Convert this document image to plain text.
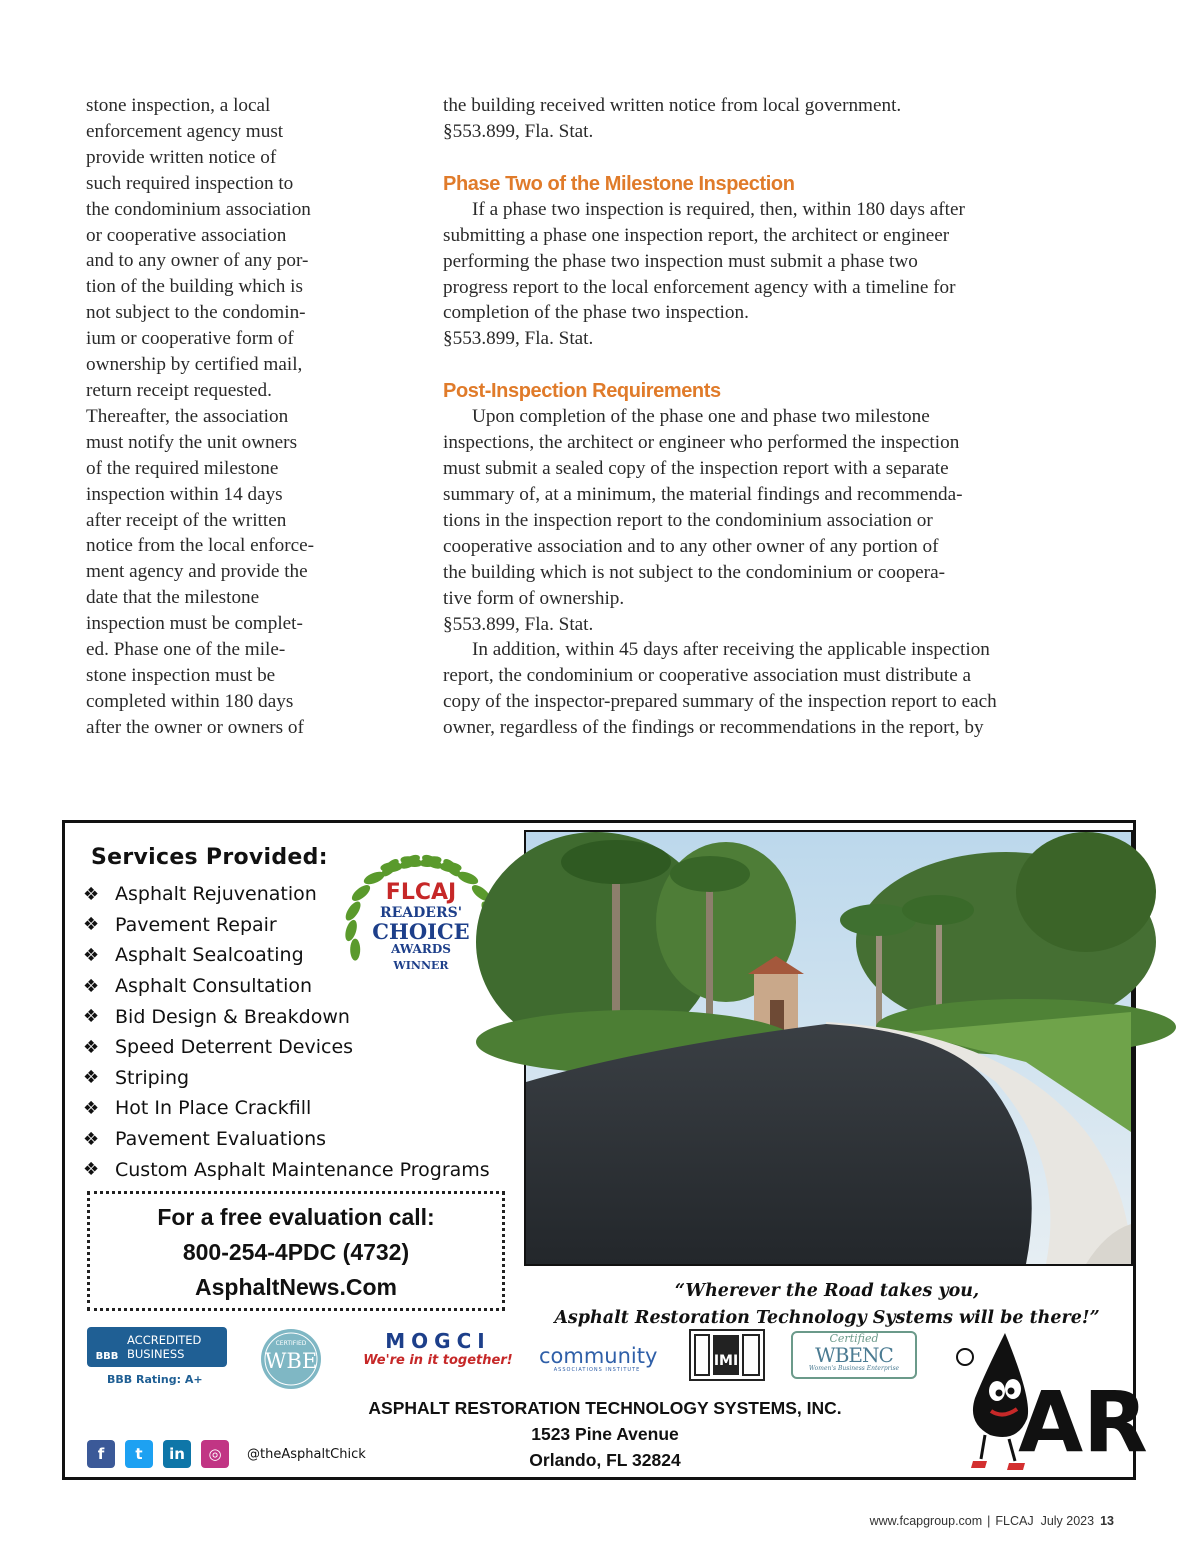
stone inspection, a local

enforcement agency must

provide written notice of

such required inspection to

the condominium association

or cooperative association

and to any owner of any por-

tion of the building which is

not subject to the condomin-

ium or cooperative form of

ownership by certified mail,

return receipt requested.

Thereafter, the association

must notify the unit owners

of the required milestone

inspection within 14 days

after receipt of the written

notice from the local enforce-

ment agency and provide the

date that the milestone

inspection must be complet-

ed. Phase one of the mile-

stone inspection must be

completed within 180 days

after the owner or owners of

the building received written notice from local government.

§553.899, Fla. Stat.

Phase Two of the Milestone Inspection

If a phase two inspection is required, then, within 180 days after

submitting a phase one inspection report, the architect or engineer

performing the phase two inspection must submit a phase two

progress report to the local enforcement agency with a timeline for

completion of the phase two inspection.

§553.899, Fla. Stat.

Post-Inspection Requirements

Upon completion of the phase one and phase two milestone

inspections, the architect or engineer who performed the inspection

must submit a sealed copy of the inspection report with a separate

summary of, at a minimum, the material findings and recommenda-

tions in the inspection report to the condominium association or

cooperative association and to any other owner of any portion of

the building which is not subject to the condominium or coopera-

tive form of ownership.

§553.899, Fla. Stat.

In addition, within 45 days after receiving the applicable inspection

report, the condominium or cooperative association must distribute a

copy of the inspector-prepared summary of the inspection report to each

owner, regardless of the findings or recommendations in the report, by

Services Provided:
❖ Asphalt Rejuvenation
❖ Pavement Repair
❖ Asphalt Sealcoating
❖ Asphalt Consultation
❖ Bid Design & Breakdown
❖ Speed Deterrent Devices
❖ Striping
❖ Hot In Place Crackfill
❖ Pavement Evaluations
❖ Custom Asphalt Maintenance Programs
FLCAJ
READERS'
CHOICE
AWARDS
WINNER
For a free evaluation call:
800-254-4PDC (4732)
AsphaltNews.Com	“Wherever the Road takes you,
Asphalt Restoration Technology Systems will be there!”
BBB
ACCREDITED
BUSINESS
BBB Rating: A+
CERTIFIED
WBE
MOGCI
We're in it together! community
ASSOCIATIONS INSTITUTE
IMI
Certified
WBENC
Women's Business Enterprise
ASPHALT RESTORATION TECHNOLOGY SYSTEMS, INC.
1523 Pine Avenue
Orlando, FL 32824
f	t	in	◎	@theAsphaltChick	AR
www.fcapgroup.com | FLCAJ July 2023 13
